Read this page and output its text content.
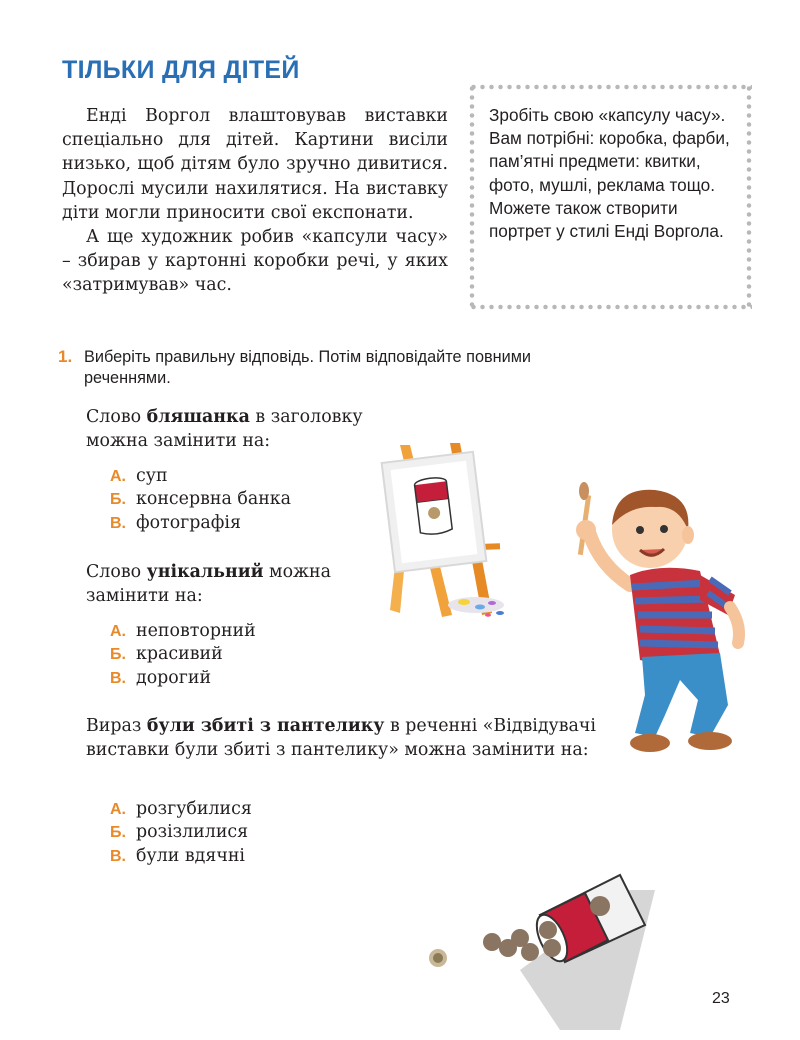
ТІЛЬКИ ДЛЯ ДІТЕЙ

Енді Воргол влаштовував виставки спеціально для дітей. Картини висіли низько, щоб дітям було зручно дивитися. Дорослі мусили нахилятися. На виставку діти могли приносити свої експонати.

А ще художник робив «капсули часу» – збирав у картонні коробки речі, у яких «затримував» час.

Зробіть свою «капсулу часу». Вам потрібні: коробка, фарби, пам’ятні предмети: квитки, фото, мушлі, реклама тощо. Можете також створити портрет у стилі Енді Воргола.
1. Виберіть правильну відповідь. Потім відповідайте повними реченнями.
Слово бляшанка в заголовку можна замінити на:
А. суп
Б. консервна банка
В. фотографія
Слово унікальний можна замінити на:
А. неповторний
Б. красивий
В. дорогий
Вираз були збиті з пантелику в реченні «Відвідувачі виставки були збиті з пантелику» можна замінити на:
А. розгубилися
Б. розізлилися
В. були вдячні
23
